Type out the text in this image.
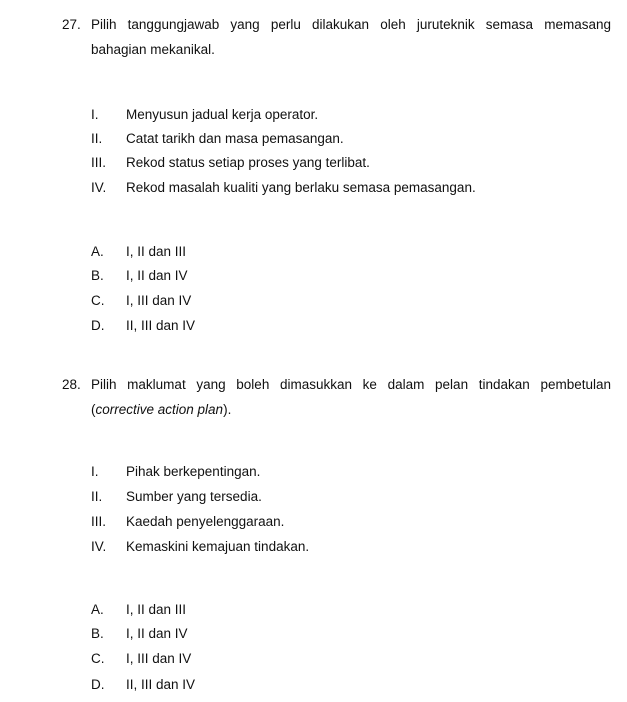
27. Pilih tanggungjawab yang perlu dilakukan oleh juruteknik semasa memasang
bahagian mekanikal.
I. Menyusun jadual kerja operator.
II. Catat tarikh dan masa pemasangan.
III. Rekod status setiap proses yang terlibat.
IV. Rekod masalah kualiti yang berlaku semasa pemasangan.
A. I, II dan III
B. I, II dan IV
C. I, III dan IV
D. II, III dan IV
28. Pilih maklumat yang boleh dimasukkan ke dalam pelan tindakan pembetulan
(corrective action plan).
I. Pihak berkepentingan.
II. Sumber yang tersedia.
III. Kaedah penyelenggaraan.
IV. Kemaskini kemajuan tindakan.
A. I, II dan III
B. I, II dan IV
C. I, III dan IV
D. II, III dan IV
